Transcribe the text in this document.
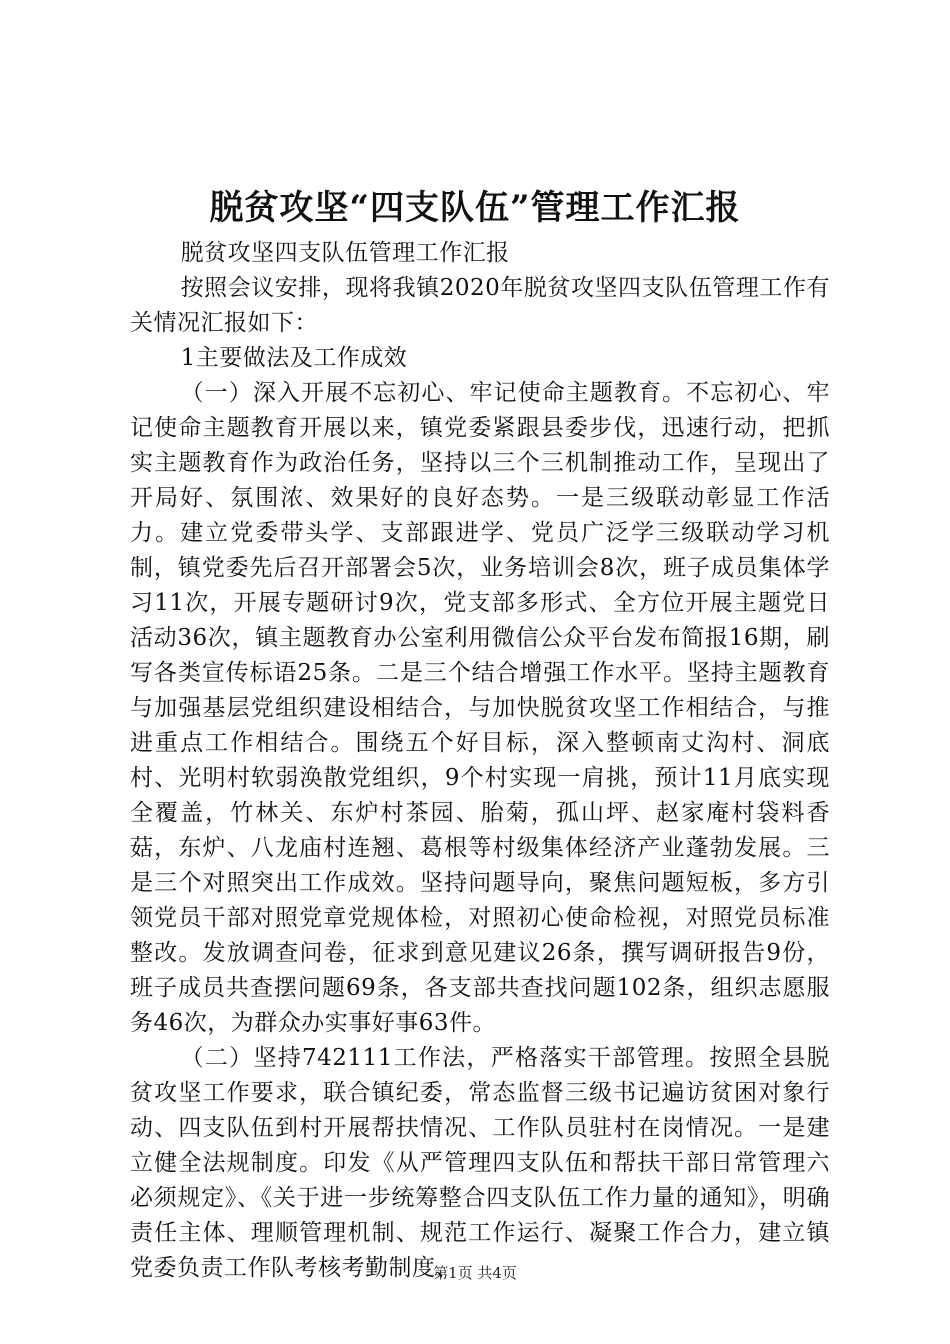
脱贫攻坚“四支队伍”管理工作汇报

脱贫攻坚四支队伍管理工作汇报

按照会议安排，现将我镇2020年脱贫攻坚四支队伍管理工作有关情况汇报如下：

1主要做法及工作成效

（一）深入开展不忘初心、牢记使命主题教育。不忘初心、牢记使命主题教育开展以来，镇党委紧跟县委步伐，迅速行动，把抓实主题教育作为政治任务，坚持以三个三机制推动工作，呈现出了开局好、氛围浓、效果好的良好态势。一是三级联动彰显工作活力。建立党委带头学、支部跟进学、党员广泛学三级联动学习机制，镇党委先后召开部署会5次，业务培训会8次，班子成员集体学习11次，开展专题研讨9次，党支部多形式、全方位开展主题党日活动36次，镇主题教育办公室利用微信公众平台发布简报16期，刷写各类宣传标语25条。二是三个结合增强工作水平。坚持主题教育与加强基层党组织建设相结合，与加快脱贫攻坚工作相结合，与推进重点工作相结合。围绕五个好目标，深入整顿南丈沟村、洞底村、光明村软弱涣散党组织，9个村实现一肩挑，预计11月底实现全覆盖，竹林关、东炉村茶园、胎菊，孤山坪、赵家庵村袋料香菇，东炉、八龙庙村连翘、葛根等村级集体经济产业蓬勃发展。三是三个对照突出工作成效。坚持问题导向，聚焦问题短板，多方引领党员干部对照党章党规体检，对照初心使命检视，对照党员标准整改。发放调查问卷，征求到意见建议26条，撰写调研报告9份，班子成员共查摆问题69条，各支部共查找问题102条，组织志愿服务46次，为群众办实事好事63件。

（二）坚持742111工作法，严格落实干部管理。按照全县脱贫攻坚工作要求，联合镇纪委，常态监督三级书记遍访贫困对象行动、四支队伍到村开展帮扶情况、工作队员驻村在岗情况。一是建立健全法规制度。印发《从严管理四支队伍和帮扶干部日常管理六必须规定》、《关于进一步统筹整合四支队伍工作力量的通知》，明确责任主体、理顺管理机制、规范工作运行、凝聚工作合力，建立镇党委负责工作队考核考勤制度、

第1页 共4页
